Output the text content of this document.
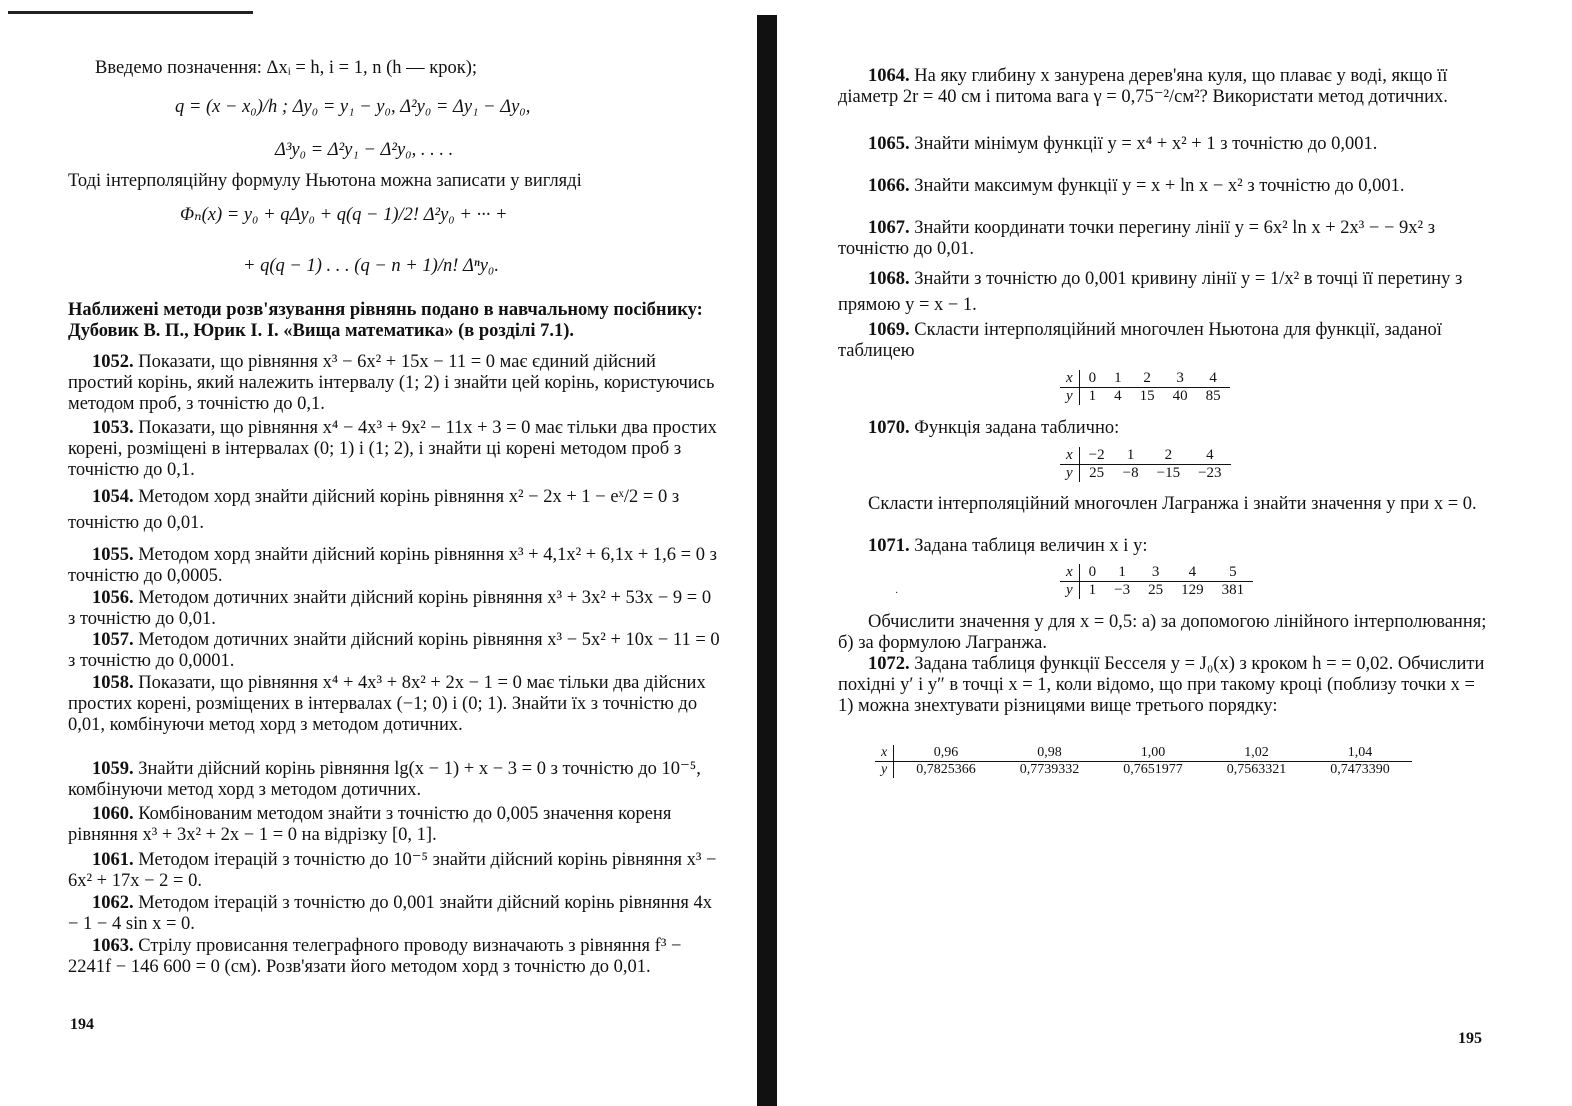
·
Введемо позначення: Δxᵢ = h, i = 1, n (h — крок);
q = (x − x₀)/h ; Δy₀ = y₁ − y₀, Δ²y₀ = Δy₁ − Δy₀,
Δ³y₀ = Δ²y₁ − Δ²y₀, . . . .
Тоді інтерполяційну формулу Ньютона можна записати у вигляді
Φₙ(x) = y₀ + qΔy₀ + q(q − 1)/2! Δ²y₀ + ··· +
+ q(q − 1) . . . (q − n + 1)/n! Δⁿy₀.
Наближені методи розв'язування рівнянь подано в навчальному посібнику: Дубовик В. П., Юрик І. І. «Вища математика» (в розділі 7.1).
1052. Показати, що рівняння x³ − 6x² + 15x − 11 = 0 має єдиний дійсний простий корінь, який належить інтервалу (1; 2) і знайти цей корінь, користуючись методом проб, з точністю до 0,1.
1053. Показати, що рівняння x⁴ − 4x³ + 9x² − 11x + 3 = 0 має тільки два простих корені, розміщені в інтервалах (0; 1) і (1; 2), і знайти ці корені методом проб з точністю до 0,1.
1054. Методом хорд знайти дійсний корінь рівняння x² − 2x + 1 − eˣ/2 = 0 з точністю до 0,01.
1055. Методом хорд знайти дійсний корінь рівняння x³ + 4,1x² + 6,1x + 1,6 = 0 з точністю до 0,0005.
1056. Методом дотичних знайти дійсний корінь рівняння x³ + 3x² + 53x − 9 = 0 з точністю до 0,01.
1057. Методом дотичних знайти дійсний корінь рівняння x³ − 5x² + 10x − 11 = 0 з точністю до 0,0001.
1058. Показати, що рівняння x⁴ + 4x³ + 8x² + 2x − 1 = 0 має тільки два дійсних простих корені, розміщених в інтервалах (−1; 0) і (0; 1). Знайти їх з точністю до 0,01, комбінуючи метод хорд з методом дотичних.
1059. Знайти дійсний корінь рівняння lg(x − 1) + x − 3 = 0 з точністю до 10⁻⁵, комбінуючи метод хорд з методом дотичних.
1060. Комбінованим методом знайти з точністю до 0,005 значення кореня рівняння x³ + 3x² + 2x − 1 = 0 на відрізку [0, 1].
1061. Методом ітерацій з точністю до 10⁻⁵ знайти дійсний корінь рівняння x³ − 6x² + 17x − 2 = 0.
1062. Методом ітерацій з точністю до 0,001 знайти дійсний корінь рівняння 4x − 1 − 4 sin x = 0.
1063. Стрілу провисання телеграфного проводу визначають з рівняння f³ − 2241f − 146 600 = 0 (см). Розв'язати його методом хорд з точністю до 0,01.
194
1064. На яку глибину x занурена дерев'яна куля, що плаває у воді, якщо її діаметр 2r = 40 см і питома вага γ = 0,75⁻²/см²? Використати метод дотичних.
1065. Знайти мінімум функції y = x⁴ + x² + 1 з точністю до 0,001.
1066. Знайти максимум функції y = x + ln x − x² з точністю до 0,001.
1067. Знайти координати точки перегину лінії y = 6x² ln x + 2x³ − − 9x² з точністю до 0,01.
1068. Знайти з точністю до 0,001 кривину лінії y = 1/x² в точці її перетину з прямою y = x − 1.
1069. Скласти інтерполяційний многочлен Ньютона для функції, заданої таблицею
x	0	1	2	3	4
y	1	4	15	40	85
1070. Функція задана таблично:
x	−2	1	2	4
y	25	−8	−15	−23
Скласти інтерполяційний многочлен Лагранжа і знайти значення y при x = 0.
1071. Задана таблиця величин x і y:
x	0	1	3	4	5
y	1	−3	25	129	381
Обчислити значення y для x = 0,5: а) за допомогою лінійного інтерполювання; б) за формулою Лагранжа.
1072. Задана таблиця функції Бесселя y = J₀(x) з кроком h = = 0,02. Обчислити похідні y′ і y″ в точці x = 1, коли відомо, що при такому кроці (поблизу точки x = 1) можна знехтувати різницями вище третього порядку:
x	0,96	0,98	1,00	1,02	1,04
y	0,7825366	0,7739332	0,7651977	0,7563321	0,7473390
195
